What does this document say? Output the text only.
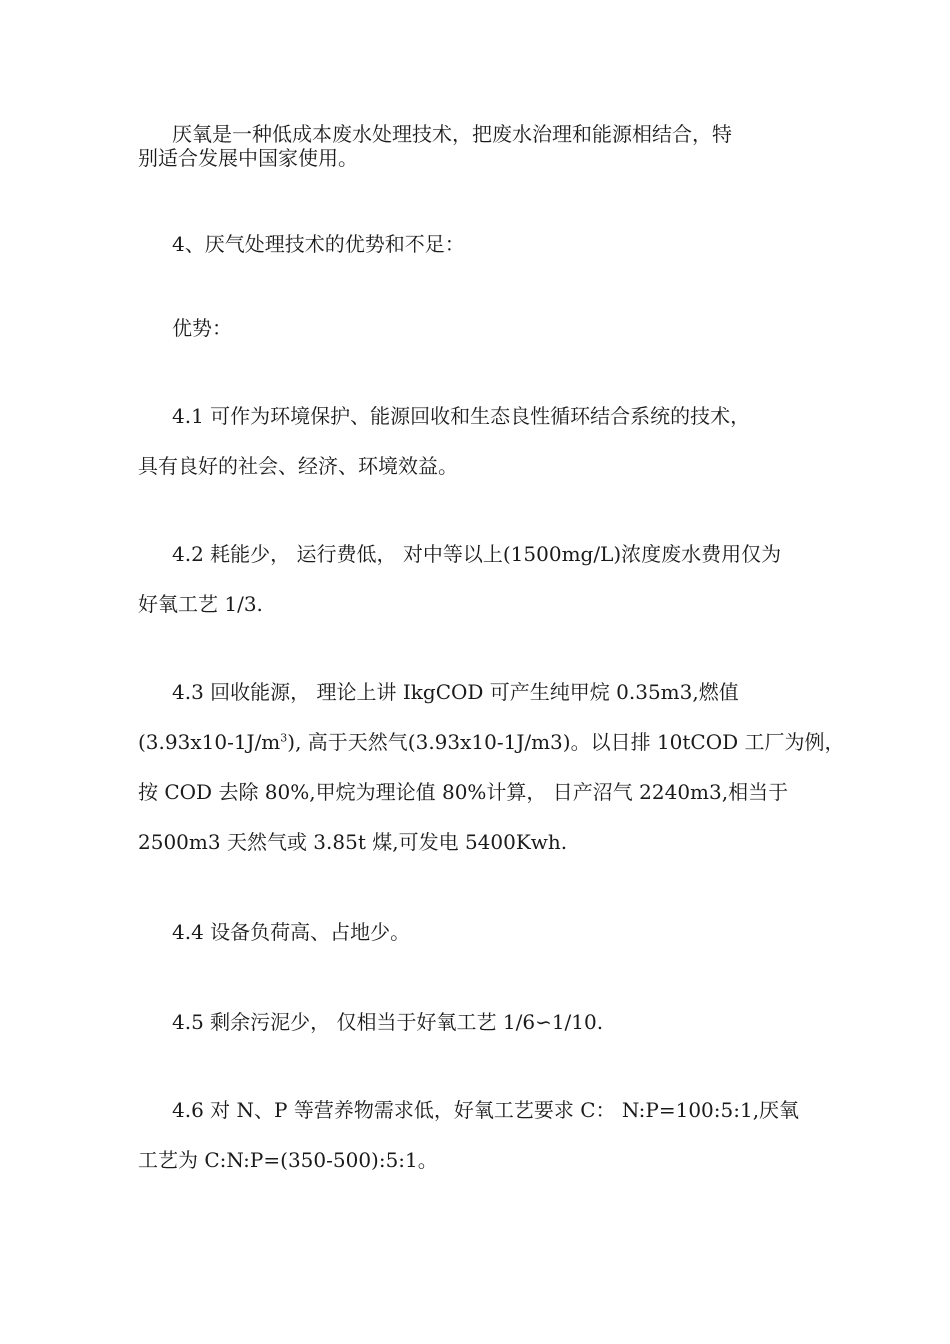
厌氧是一种低成本废水处理技术，把废水治理和能源相结合，特
别适合发展中国家使用。

4、厌气处理技术的优势和不足：

优势：

4.1 可作为环境保护、能源回收和生态良性循环结合系统的技术，
具有良好的社会、经济、环境效益。

4.2 耗能少， 运行费低， 对中等以上(1500mg/L)浓度废水费用仅为
好氧工艺 1/3.

4.3 回收能源， 理论上讲 IkgCOD 可产生纯甲烷 0.35m3,燃值
$(3.93x10-1J/m^3)$, 高于天然气(3.93x10-1J/m3)。以日排 10tCOD 工厂为例，
按 COD 去除 80%,甲烷为理论值 80%计算， 日产沼气 2240m3,相当于
2500m3 天然气或 3.85t 煤,可发电 5400Kwh.

4.4 设备负荷高、占地少。

4.5 剩余污泥少， 仅相当于好氧工艺 1/6∽1/10.

4.6 对 N、P 等营养物需求低，好氧工艺要求 C： N:P=100:5:1,厌氧
工艺为 C:N:P=(350-500):5:1。
